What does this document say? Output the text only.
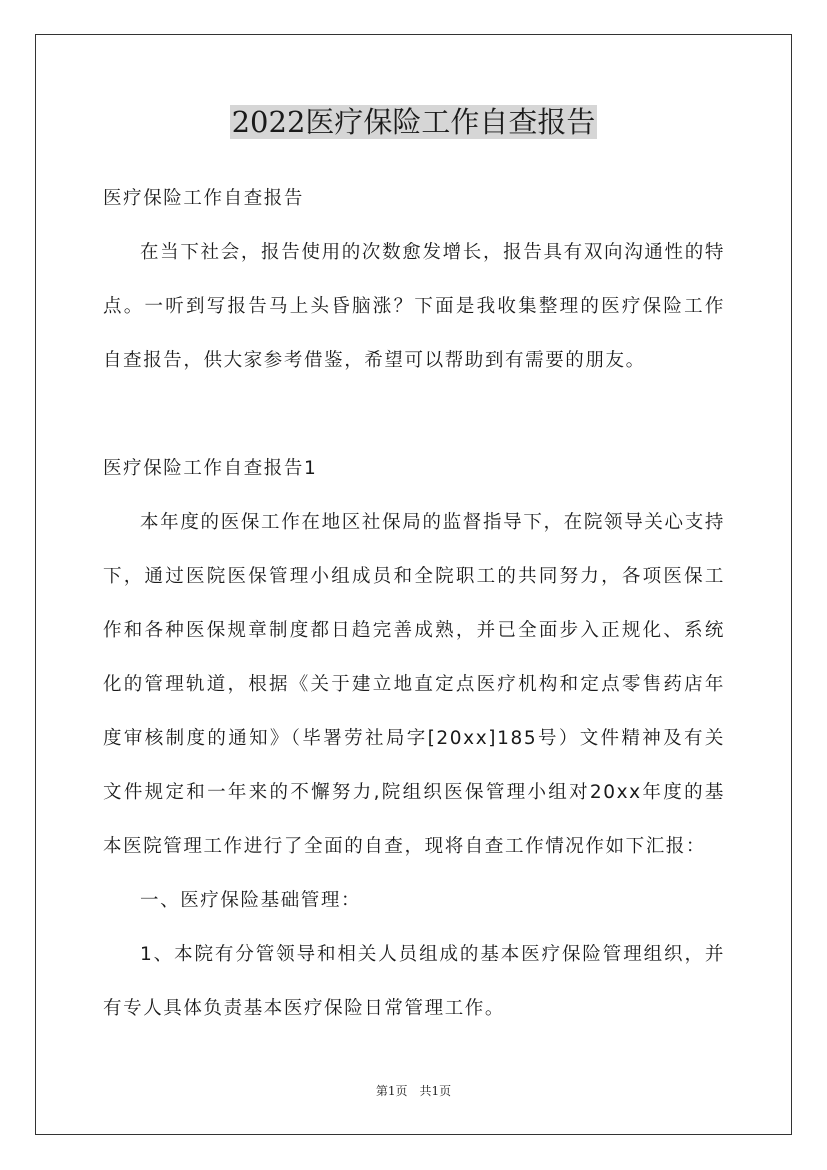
2022医疗保险工作自查报告

医疗保险工作自查报告

在当下社会，报告使用的次数愈发增长，报告具有双向沟通性的特点。一听到写报告马上头昏脑涨？下面是我收集整理的医疗保险工作自查报告，供大家参考借鉴，希望可以帮助到有需要的朋友。

医疗保险工作自查报告1

本年度的医保工作在地区社保局的监督指导下，在院领导关心支持下，通过医院医保管理小组成员和全院职工的共同努力，各项医保工作和各种医保规章制度都日趋完善成熟，并已全面步入正规化、系统化的管理轨道，根据《关于建立地直定点医疗机构和定点零售药店年度审核制度的通知》（毕署劳社局字[20xx]185号）文件精神及有关文件规定和一年来的不懈努力,院组织医保管理小组对20xx年度的基本医院管理工作进行了全面的自查，现将自查工作情况作如下汇报：

一、医疗保险基础管理：

1、本院有分管领导和相关人员组成的基本医疗保险管理组织，并有专人具体负责基本医疗保险日常管理工作。

第1页 共1页
